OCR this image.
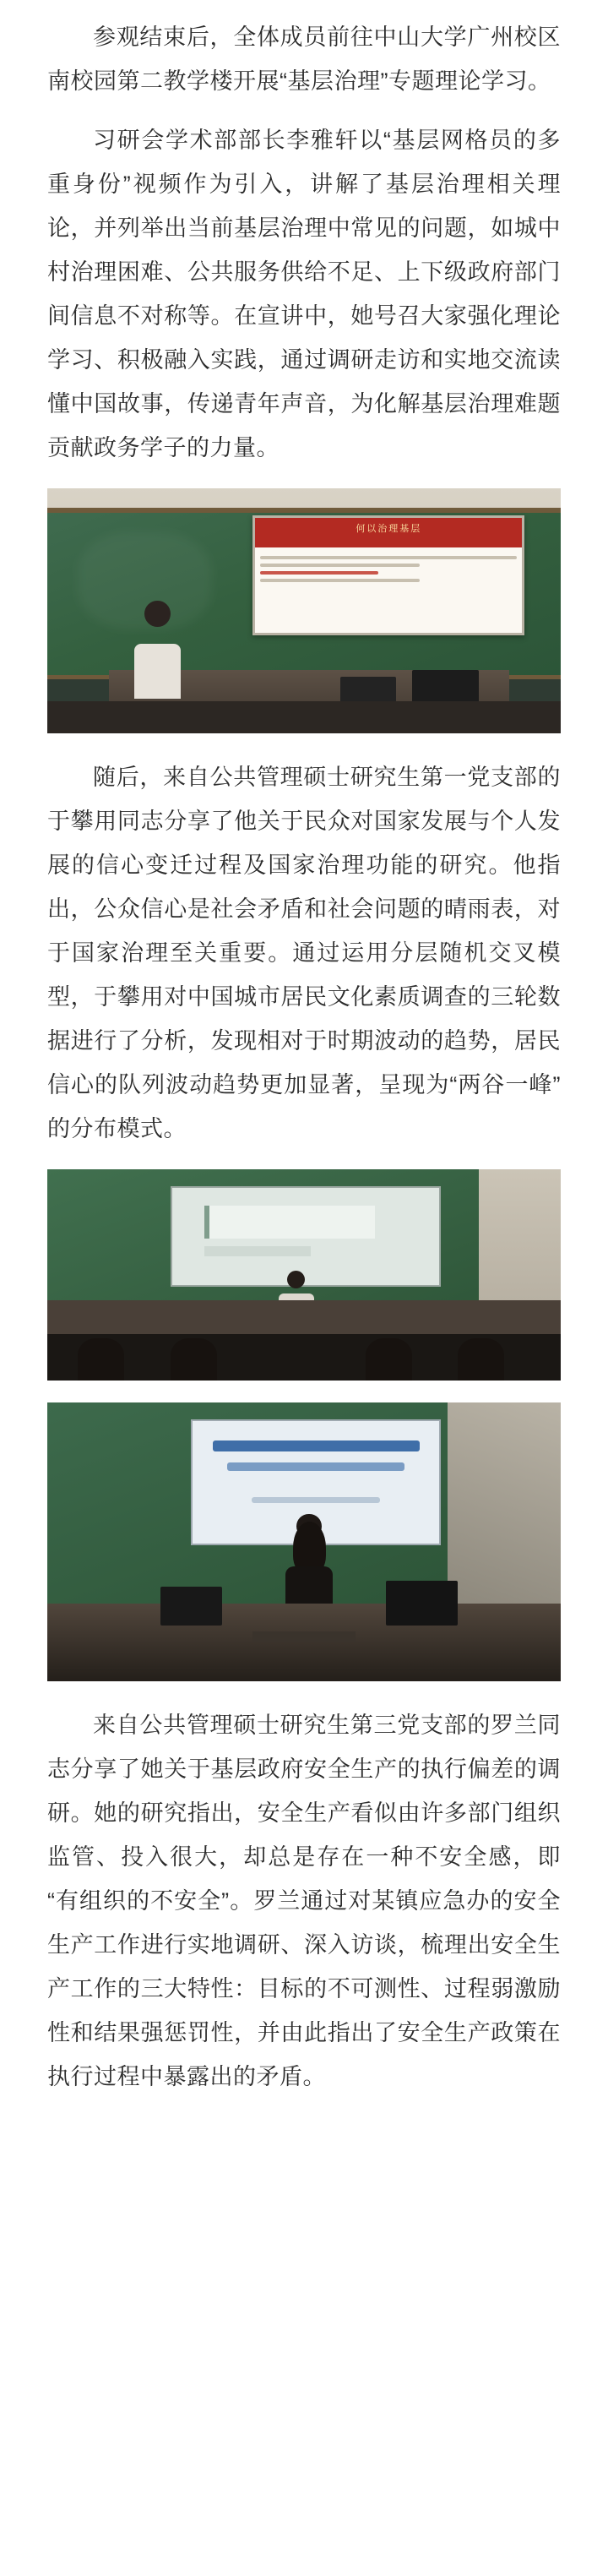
参观结束后，全体成员前往中山大学广州校区南校园第二教学楼开展“基层治理”专题理论学习。

习研会学术部部长李雅轩以“基层网格员的多重身份”视频作为引入，讲解了基层治理相关理论，并列举出当前基层治理中常见的问题，如城中村治理困难、公共服务供给不足、上下级政府部门间信息不对称等。在宣讲中，她号召大家强化理论学习、积极融入实践，通过调研走访和实地交流读懂中国故事，传递青年声音，为化解基层治理难题贡献政务学子的力量。

何以治理基层

随后，来自公共管理硕士研究生第一党支部的于攀用同志分享了他关于民众对国家发展与个人发展的信心变迁过程及国家治理功能的研究。他指出，公众信心是社会矛盾和社会问题的晴雨表，对于国家治理至关重要。通过运用分层随机交叉模型，于攀用对中国城市居民文化素质调查的三轮数据进行了分析，发现相对于时期波动的趋势，居民信心的队列波动趋势更加显著，呈现为“两谷一峰”的分布模式。

来自公共管理硕士研究生第三党支部的罗兰同志分享了她关于基层政府安全生产的执行偏差的调研。她的研究指出，安全生产看似由许多部门组织监管、投入很大，却总是存在一种不安全感，即“有组织的不安全”。罗兰通过对某镇应急办的安全生产工作进行实地调研、深入访谈，梳理出安全生产工作的三大特性：目标的不可测性、过程弱激励性和结果强惩罚性，并由此指出了安全生产政策在执行过程中暴露出的矛盾。
